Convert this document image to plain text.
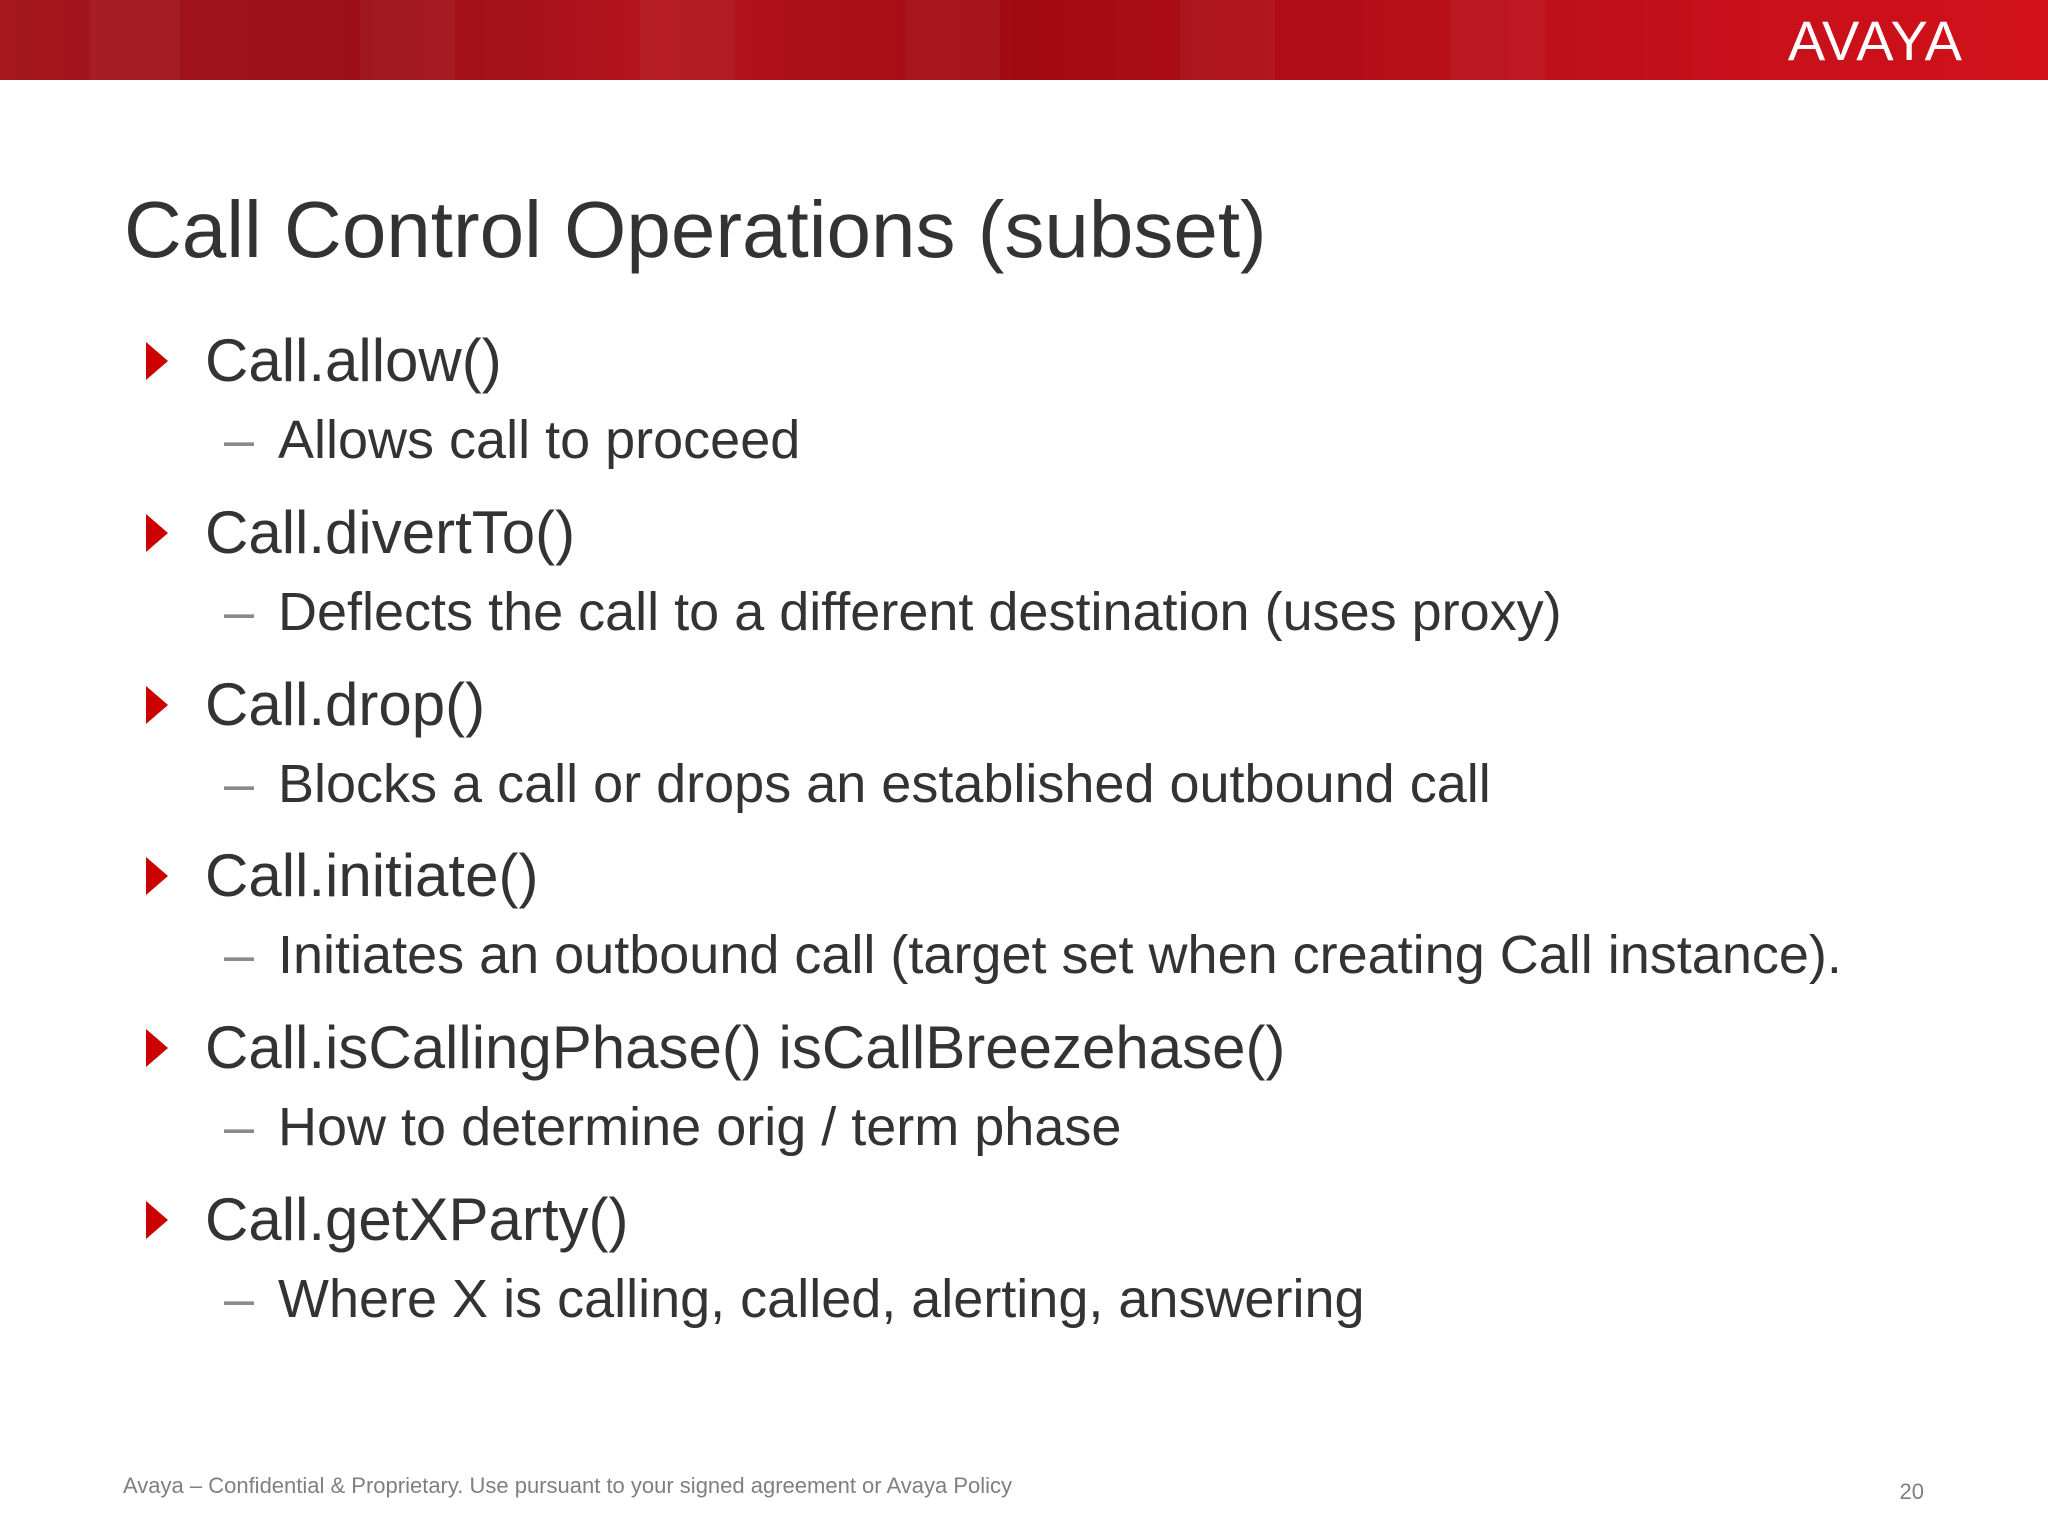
AVAYA
Call Control Operations (subset)
Call.allow()
– Allows call to proceed
Call.divertTo()
– Deflects the call to a different destination (uses proxy)
Call.drop()
– Blocks a call or drops an established outbound call
Call.initiate()
– Initiates an outbound call (target set when creating Call instance).
Call.isCallingPhase() isCallBreezehase()
– How to determine orig / term phase
Call.getXParty()
– Where X is calling, called, alerting, answering
Avaya – Confidential & Proprietary. Use pursuant to your signed agreement or Avaya Policy	20
